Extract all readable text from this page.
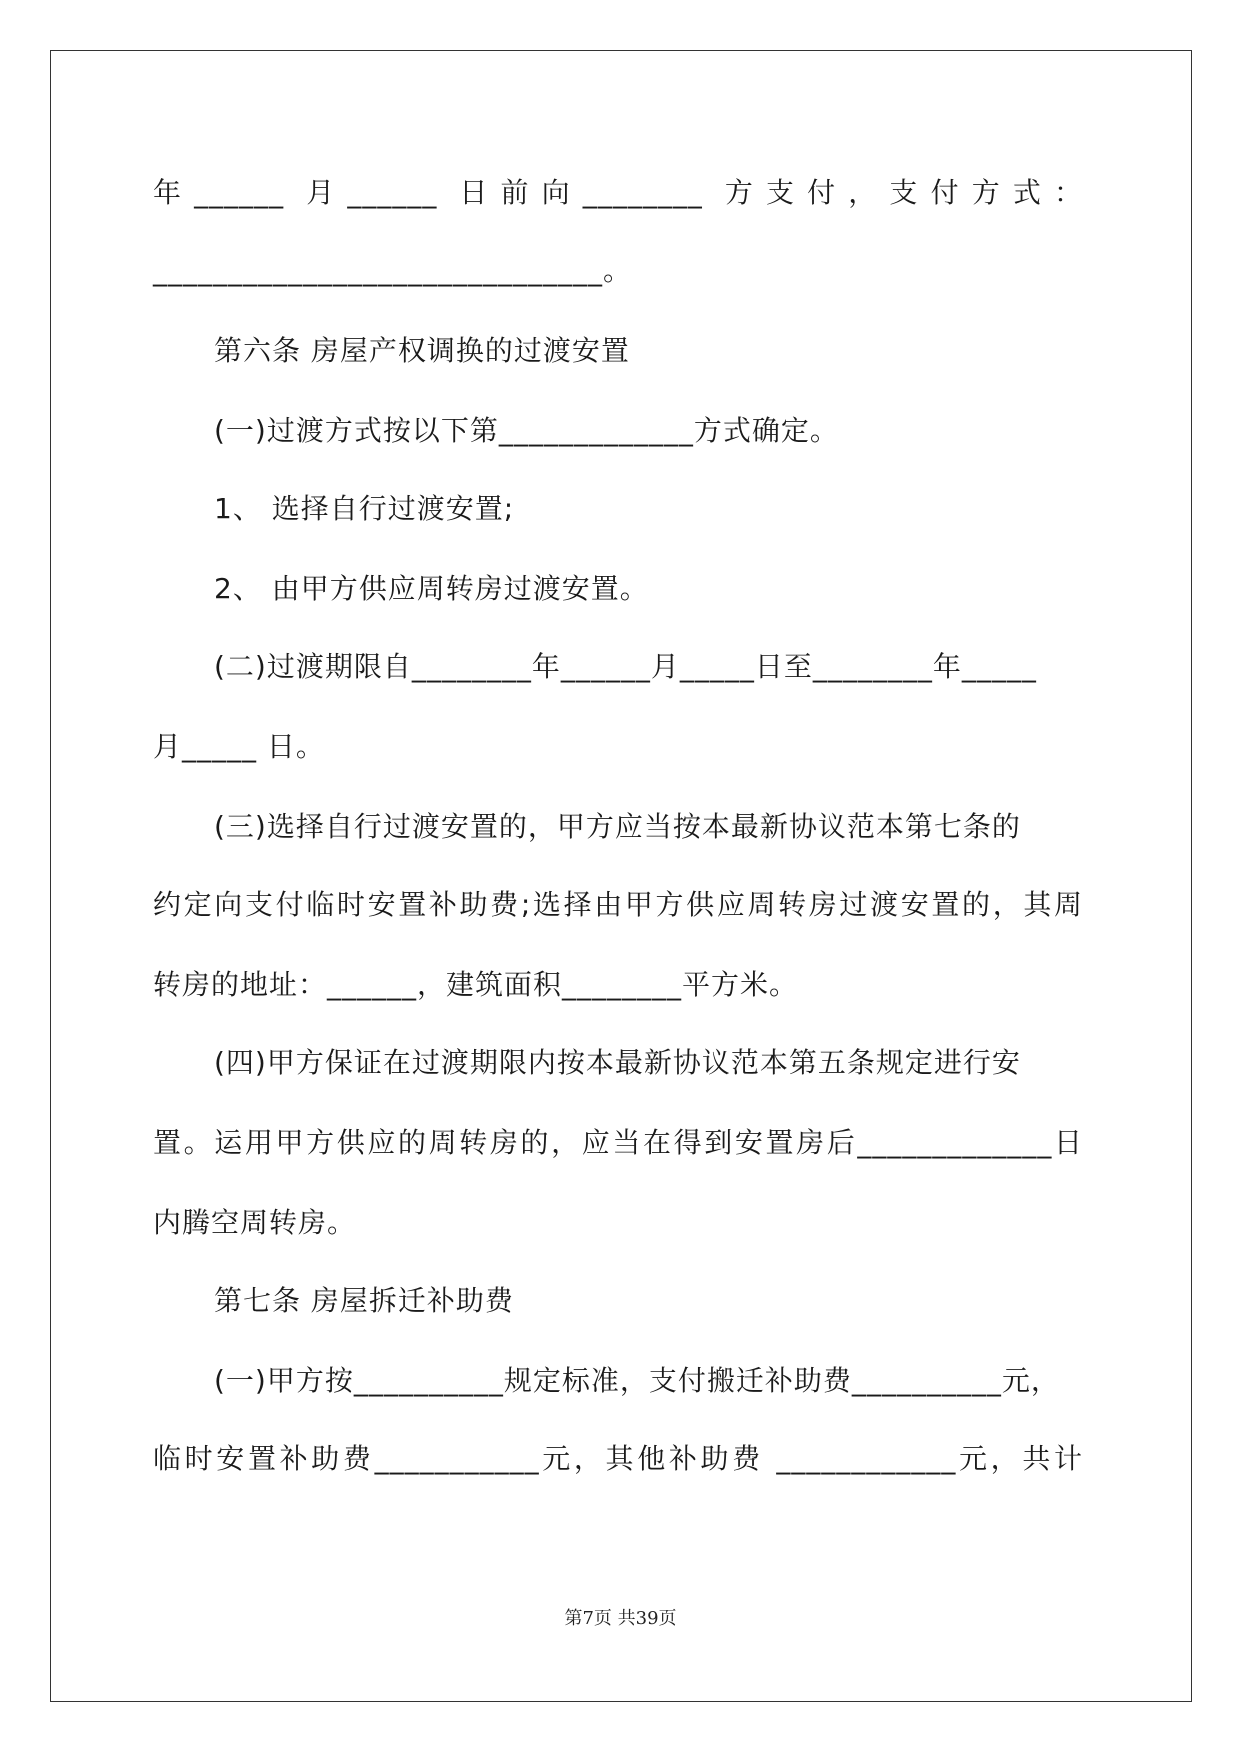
年______ 月______ 日前向________ 方支付，支付方式：
______________________________。
第六条 房屋产权调换的过渡安置
(一)过渡方式按以下第_____________方式确定。
1、 选择自行过渡安置;
2、 由甲方供应周转房过渡安置。
(二)过渡期限自________年______月_____日至________年_____
月_____ 日。
(三)选择自行过渡安置的，甲方应当按本最新协议范本第七条的
约定向支付临时安置补助费;选择由甲方供应周转房过渡安置的，其周
转房的地址：______，建筑面积________平方米。
(四)甲方保证在过渡期限内按本最新协议范本第五条规定进行安
置。运用甲方供应的周转房的，应当在得到安置房后_____________日
内腾空周转房。
第七条 房屋拆迁补助费
(一)甲方按__________规定标准，支付搬迁补助费__________元，
临时安置补助费___________元，其他补助费 ____________元，共计
第7页 共39页
